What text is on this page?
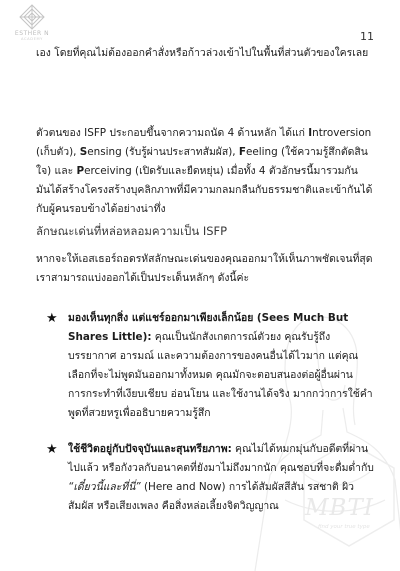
ESTHER N
ACADEMY	11
MBTI
find your true type
เอง โดยที่คุณไม่ต้องออกคำสั่งหรือก้าวล่วงเข้าไปในพื้นที่ส่วนตัวของใครเลย
ตัวตนของ ISFP ประกอบขึ้นจากความถนัด 4 ด้านหลัก ได้แก่ Introversion (เก็บตัว), Sensing (รับรู้ผ่านประสาทสัมผัส), Feeling (ใช้ความรู้สึกตัดสินใจ) และ Perceiving (เปิดรับและยืดหยุ่น) เมื่อทั้ง 4 ตัวอักษรนี้มารวมกัน มันได้สร้างโครงสร้างบุคลิกภาพที่มีความกลมกลืนกับธรรมชาติและเข้ากันได้กับผู้คนรอบข้างได้อย่างน่าทึ่ง
ลักษณะเด่นที่หล่อหลอมความเป็น ISFP
หากจะให้เอสเธอร์ถอดรหัสลักษณะเด่นของคุณออกมาให้เห็นภาพชัดเจนที่สุด เราสามารถแบ่งออกได้เป็นประเด็นหลักๆ ดังนี้ค่ะ
★ มองเห็นทุกสิ่ง แต่แชร์ออกมาเพียงเล็กน้อย (Sees Much But Shares Little): คุณเป็นนักสังเกตการณ์ตัวยง คุณรับรู้ถึงบรรยากาศ อารมณ์ และความต้องการของคนอื่นได้ไวมาก แต่คุณเลือกที่จะไม่พูดมันออกมาทั้งหมด คุณมักจะตอบสนองต่อผู้อื่นผ่านการกระทำที่เงียบเชียบ อ่อนโยน และใช้งานได้จริง มากกว่าการใช้คำพูดที่สวยหรูเพื่ออธิบายความรู้สึก
★ ใช้ชีวิตอยู่กับปัจจุบันและสุนทรียภาพ: คุณไม่ได้หมกมุ่นกับอดีตที่ผ่านไปแล้ว หรือกังวลกับอนาคตที่ยังมาไม่ถึงมากนัก คุณชอบที่จะดื่มด่ำกับ “เดี๋ยวนี้และที่นี่” (Here and Now) การได้สัมผัสสีสัน รสชาติ ผิวสัมผัส หรือเสียงเพลง คือสิ่งหล่อเลี้ยงจิตวิญญาณ
